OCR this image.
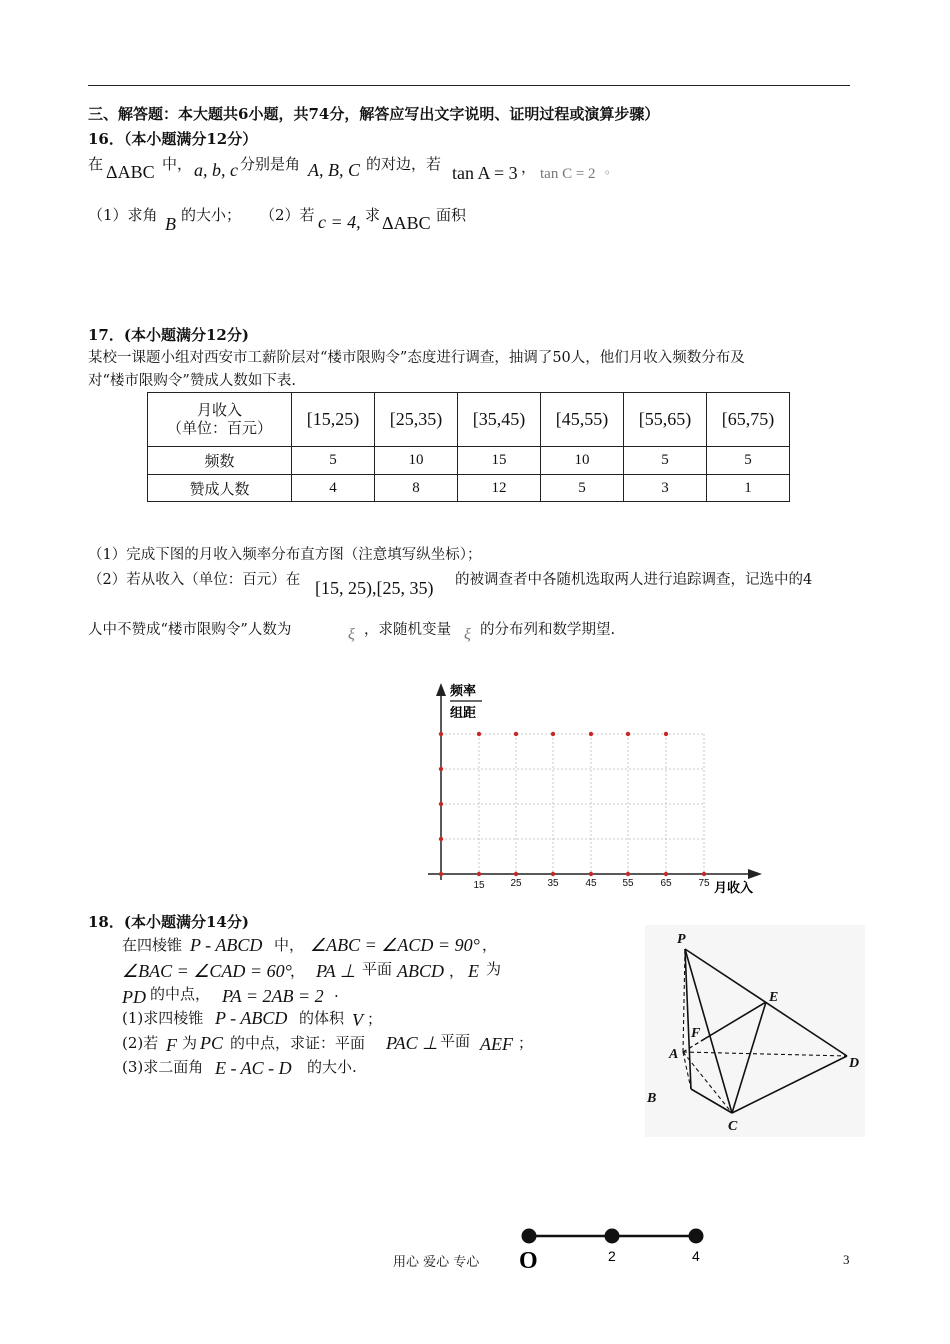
三、解答题：本大题共6小题，共74分，解答应写出文字说明、证明过程或演算步骤）
16．（本小题满分12分）
在 ΔABC 中， a, b, c 分别是角 A, B, C 的对边，若 tan A = 3 ， tan C = 2 。
（1）求角 B 的大小； （2）若 c = 4, 求 ΔABC 面积
17．(本小题满分12分)
某校一课题小组对西安市工薪阶层对“楼市限购令”态度进行调查，抽调了50人，他们月收入频数分布及
对“楼市限购令”赞成人数如下表.
月收入
（单位：百元）	[15,25)	[25,35)	[35,45)	[45,55)	[55,65)	[65,75)
频数	5	10	15	10	5	5
赞成人数	4	8	12	5	3	1
（1）完成下图的月收入频率分布直方图（注意填写纵坐标）；
（2）若从收入（单位：百元）在 [15, 25),[25, 35) 的被调查者中各随机选取两人进行追踪调查，记选中的4
人中不赞成“楼市限购令”人数为	ξ ，求随机变量 ξ 的分布列和数学期望.
频率
组距
15	25	35	45	55	65	75 月收入
18．(本小题满分14分)
在四棱锥 P - ABCD 中， ∠ABC = ∠ACD = 90° ，
∠BAC = ∠CAD = 60°
， PA ⊥ 平面 ABCD ， E 为
PD 的中点， PA = 2AB = 2 .
(1)求四棱锥 P - ABCD 的体积 V ；
(2)若 F 为 PC 的中点，求证：平面 PAC ⊥ 平面 AEF ；
(3)求二面角 E - AC - D 的大小.
P
E
F
A
D
B
C
用心 爱心 专心 O	2	4	3
